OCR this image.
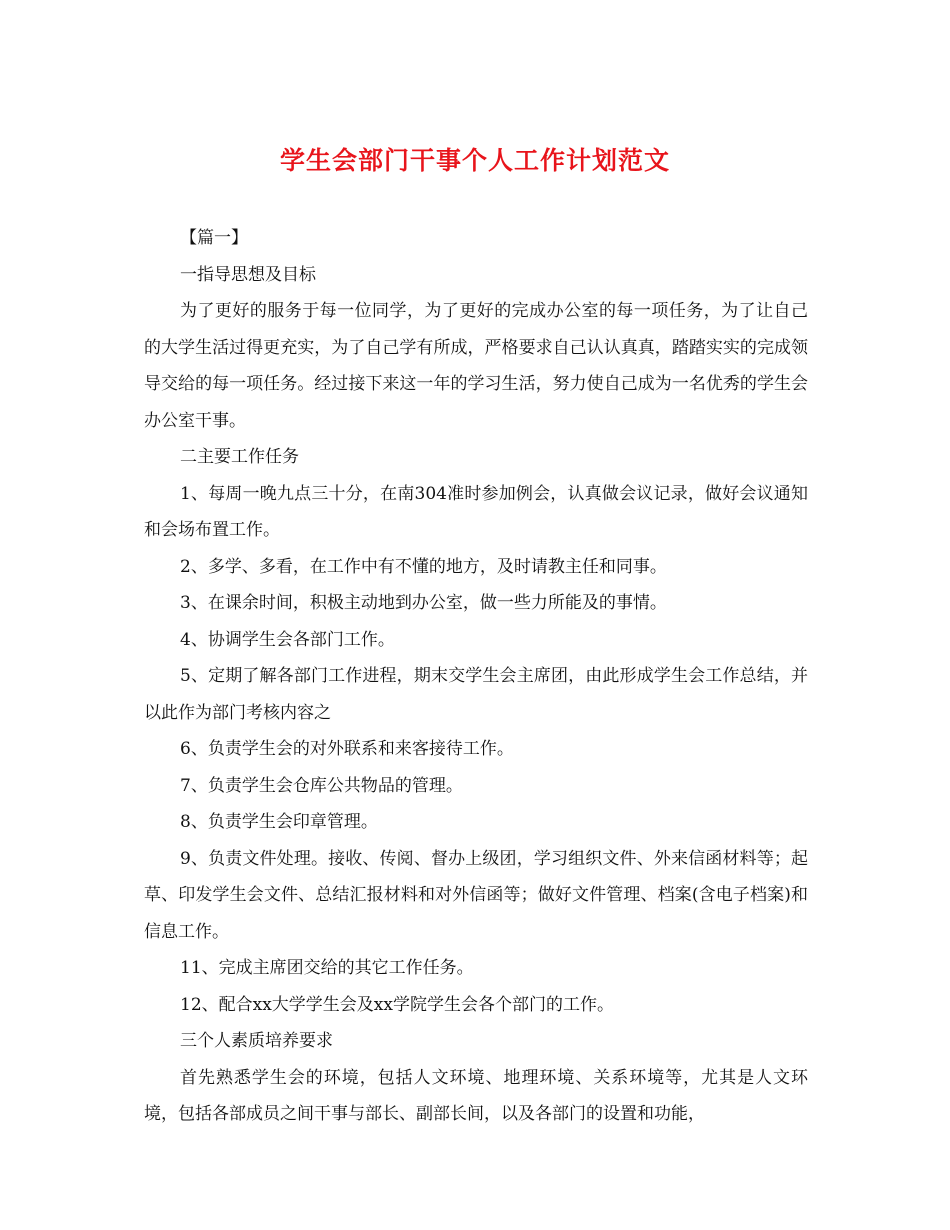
学生会部门干事个人工作计划范文

【篇一】

一指导思想及目标

为了更好的服务于每一位同学，为了更好的完成办公室的每一项任务，为了让自己的大学生活过得更充实，为了自己学有所成，严格要求自己认认真真，踏踏实实的完成领导交给的每一项任务。经过接下来这一年的学习生活，努力使自己成为一名优秀的学生会办公室干事。

二主要工作任务

1、每周一晚九点三十分，在南304准时参加例会，认真做会议记录，做好会议通知和会场布置工作。

2、多学、多看，在工作中有不懂的地方，及时请教主任和同事。

3、在课余时间，积极主动地到办公室，做一些力所能及的事情。

4、协调学生会各部门工作。

5、定期了解各部门工作进程，期末交学生会主席团，由此形成学生会工作总结，并以此作为部门考核内容之

6、负责学生会的对外联系和来客接待工作。

7、负责学生会仓库公共物品的管理。

8、负责学生会印章管理。

9、负责文件处理。接收、传阅、督办上级团，学习组织文件、外来信函材料等；起草、印发学生会文件、总结汇报材料和对外信函等；做好文件管理、档案(含电子档案)和信息工作。

11、完成主席团交给的其它工作任务。

12、配合xx大学学生会及xx学院学生会各个部门的工作。

三个人素质培养要求

首先熟悉学生会的环境，包括人文环境、地理环境、关系环境等，尤其是人文环境，包括各部成员之间干事与部长、副部长间，以及各部门的设置和功能，
